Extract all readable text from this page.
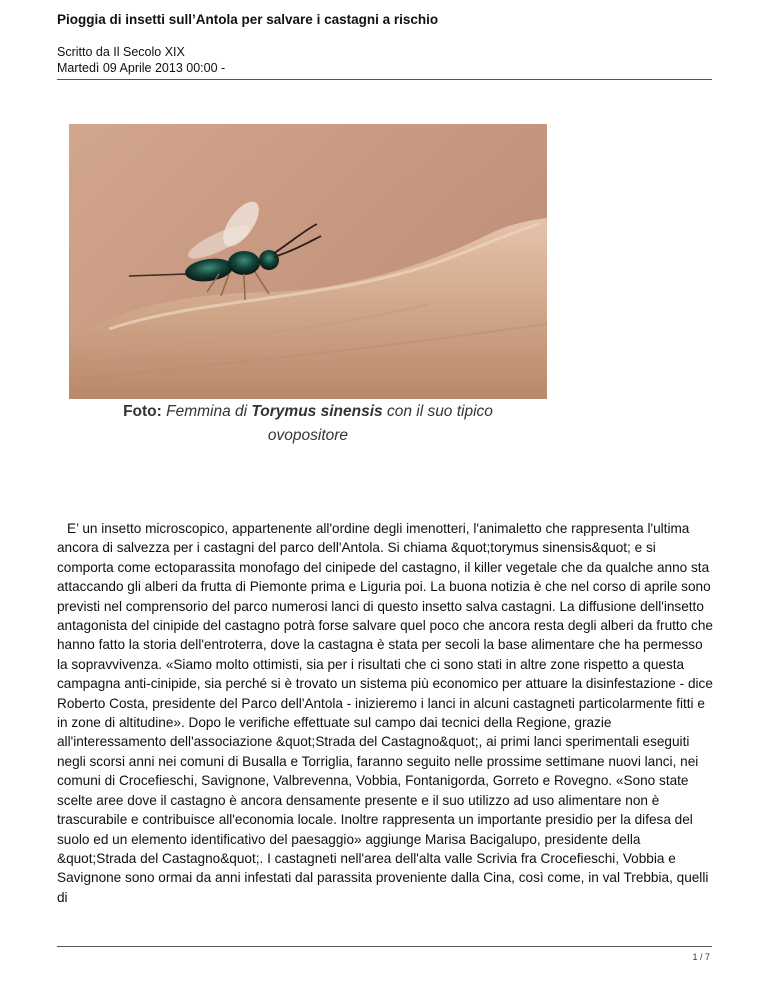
Pioggia di insetti sull’Antola per salvare i castagni a rischio
Scritto da Il Secolo XIX
Martedì 09 Aprile 2013 00:00 -
Foto: Femmina di Torymus sinensis con il suo tipico
ovopositore

E’ un insetto microscopico, appartenente all'ordine degli imenotteri, l'animaletto che rappresenta l'ultima ancora di salvezza per i castagni del parco dell'Antola. Si chiama &quot;torymus sinensis&quot; e si comporta come ectoparassita monofago del cinipede del castagno, il killer vegetale che da qualche anno sta attaccando gli alberi da frutta di Piemonte prima e Liguria poi. La buona notizia è che nel corso di aprile sono previsti nel comprensorio del parco numerosi lanci di questo insetto salva castagni. La diffusione dell'insetto antagonista del cinipide del castagno potrà forse salvare quel poco che ancora resta degli alberi da frutto che hanno fatto la storia dell'entroterra, dove la castagna è stata per secoli la base alimentare che ha permesso la sopravvivenza. «Siamo molto ottimisti, sia per i risultati che ci sono stati in altre zone rispetto a questa campagna anti-cinipide, sia perché si è trovato un sistema più economico per attuare la disinfestazione - dice Roberto Costa, presidente del Parco dell'Antola - inizieremo i lanci in alcuni castagneti particolarmente fitti e in zone di altitudine». Dopo le verifiche effettuate sul campo dai tecnici della Regione, grazie all'interessamento dell'associazione &quot;Strada del Castagno&quot;, ai primi lanci sperimentali eseguiti negli scorsi anni nei comuni di Busalla e Torriglia, faranno seguito nelle prossime settimane nuovi lanci, nei comuni di Crocefieschi, Savignone, Valbrevenna, Vobbia, Fontanigorda, Gorreto e Rovegno. «Sono state scelte aree dove il castagno è ancora densamente presente e il suo utilizzo ad uso alimentare non è trascurabile e contribuisce all'economia locale. Inoltre rappresenta un importante presidio per la difesa del suolo ed un elemento identificativo del paesaggio» aggiunge Marisa Bacigalupo, presidente della &quot;Strada del Castagno&quot;. I castagneti nell'area dell'alta valle Scrivia fra Crocefieschi, Vobbia e Savignone sono ormai da anni infestati dal parassita proveniente dalla Cina, così come, in val Trebbia, quelli di

1 / 7
